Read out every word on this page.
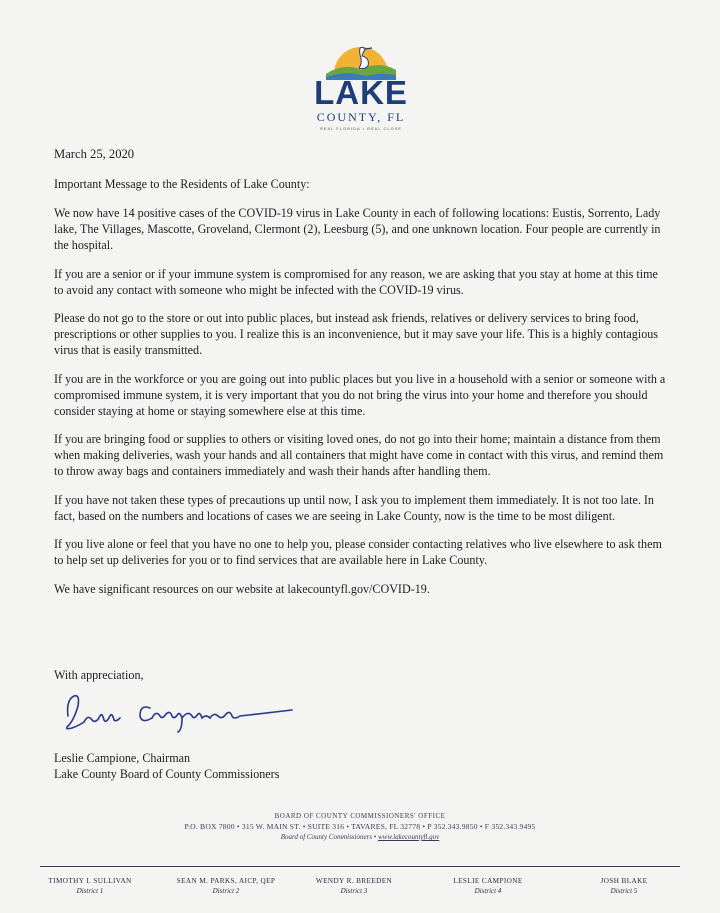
LAKE
COUNTY, FL
REAL FLORIDA • REAL CLOSE
March 25, 2020

Important Message to the Residents of Lake County:

We now have 14 positive cases of the COVID-19 virus in Lake County in each of following locations: Eustis, Sorrento, Lady lake, The Villages, Mascotte, Groveland, Clermont (2), Leesburg (5), and one unknown location. Four people are currently in the hospital.

If you are a senior or if your immune system is compromised for any reason, we are asking that you stay at home at this time to avoid any contact with someone who might be infected with the COVID-19 virus.

Please do not go to the store or out into public places, but instead ask friends, relatives or delivery services to bring food, prescriptions or other supplies to you. I realize this is an inconvenience, but it may save your life. This is a highly contagious virus that is easily transmitted.

If you are in the workforce or you are going out into public places but you live in a household with a senior or someone with a compromised immune system, it is very important that you do not bring the virus into your home and therefore you should consider staying at home or staying somewhere else at this time.

If you are bringing food or supplies to others or visiting loved ones, do not go into their home; maintain a distance from them when making deliveries, wash your hands and all containers that might have come in contact with this virus, and remind them to throw away bags and containers immediately and wash their hands after handling them.

If you have not taken these types of precautions up until now, I ask you to implement them immediately. It is not too late. In fact, based on the numbers and locations of cases we are seeing in Lake County, now is the time to be most diligent.

If you live alone or feel that you have no one to help you, please consider contacting relatives who live elsewhere to ask them to help set up deliveries for you or to find services that are available here in Lake County.

We have significant resources on our website at lakecountyfl.gov/COVID-19.

With appreciation,
Leslie Campione, Chairman
Lake County Board of County Commissioners
BOARD OF COUNTY COMMISSIONERS' OFFICE
P.O. BOX 7800 • 315 W. MAIN ST. • SUITE 316 • TAVARES, FL 32778 • P 352.343.9850 • F 352.343.9495
Board of County Commissioners • www.lakecountyfl.gov
TIMOTHY I. SULLIVAN
District 1
SEAN M. PARKS, AICP, QEP
District 2
WENDY R. BREEDEN
District 3
LESLIE CAMPIONE
District 4
JOSH BLAKE
District 5
